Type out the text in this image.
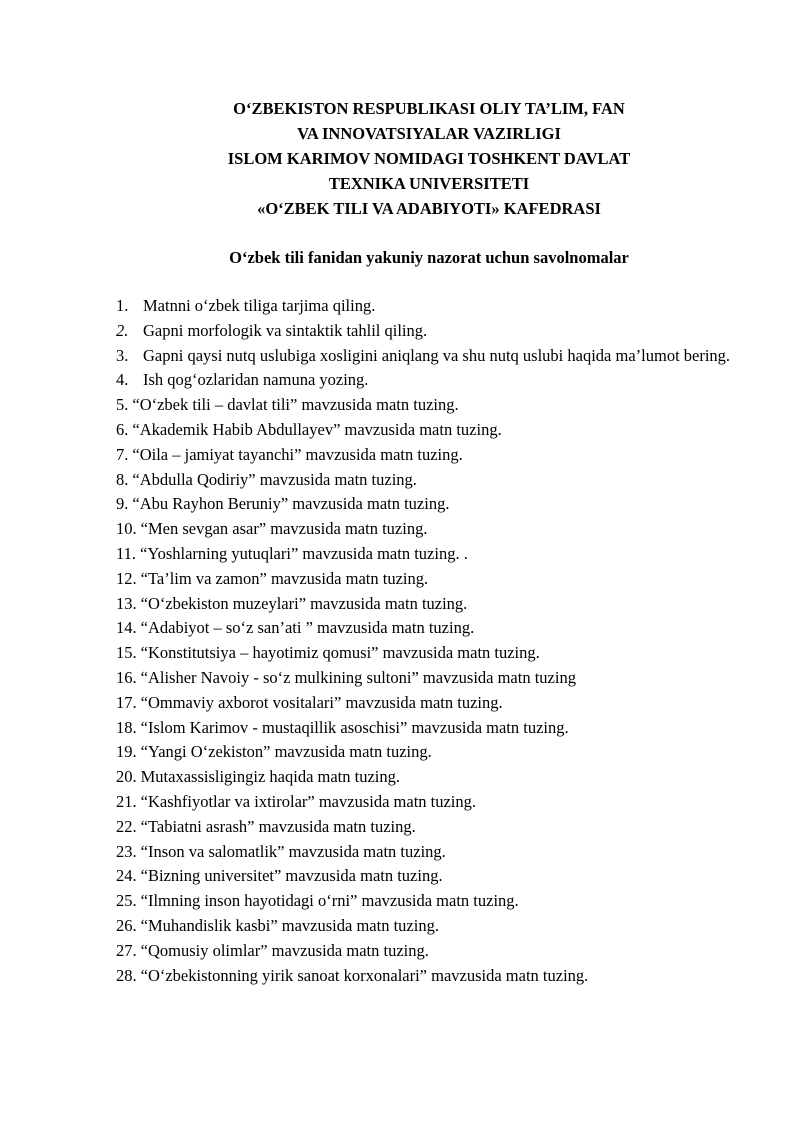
O‘ZBEKISTON RESPUBLIKASI OLIY TA’LIM, FAN
VA INNOVATSIYALAR VAZIRLIGI
ISLOM KARIMOV NOMIDAGI TOSHKENT DAVLAT
TEXNIKA UNIVERSITETI
«O‘ZBEK TILI VA ADABIYOTI» KAFEDRASI
O‘zbek tili fanidan yakuniy nazorat uchun savolnomalar
1. Matnni o‘zbek tiliga tarjima qiling.
2. Gapni morfologik va sintaktik tahlil qiling.
3. Gapni qaysi nutq uslubiga xosligini aniqlang va shu nutq uslubi haqida ma’lumot bering.
4. Ish qog‘ozlaridan namuna yozing.
5. “O‘zbek tili – davlat tili” mavzusida matn tuzing.
6. “Akademik Habib Abdullayev” mavzusida matn tuzing.
7. “Oila – jamiyat tayanchi” mavzusida matn tuzing.
8. “Abdulla Qodiriy” mavzusida matn tuzing.
9. “Abu Rayhon Beruniy” mavzusida matn tuzing.
10. “Men sevgan asar” mavzusida matn tuzing.
11. “Yoshlarning yutuqlari” mavzusida matn tuzing. .
12. “Ta’lim va zamon” mavzusida matn tuzing.
13. “O‘zbekiston muzeylari” mavzusida matn tuzing.
14. “Adabiyot – so‘z san’ati ” mavzusida matn tuzing.
15. “Konstitutsiya – hayotimiz qomusi” mavzusida matn tuzing.
16. “Alisher Navoiy - so‘z mulkining sultoni” mavzusida matn tuzing
17. “Ommaviy axborot vositalari” mavzusida matn tuzing.
18. “Islom Karimov - mustaqillik asoschisi” mavzusida matn tuzing.
19. “Yangi O‘zekiston” mavzusida matn tuzing.
20. Mutaxassisligingiz haqida matn tuzing.
21. “Kashfiyotlar va ixtirolar” mavzusida matn tuzing.
22. “Tabiatni asrash” mavzusida matn tuzing.
23. “Inson va salomatlik” mavzusida matn tuzing.
24. “Bizning universitet” mavzusida matn tuzing.
25. “Ilmning inson hayotidagi o‘rni” mavzusida matn tuzing.
26. “Muhandislik kasbi” mavzusida matn tuzing.
27. “Qomusiy olimlar” mavzusida matn tuzing.
28. “O‘zbekistonning yirik sanoat korxonalari” mavzusida matn tuzing.
